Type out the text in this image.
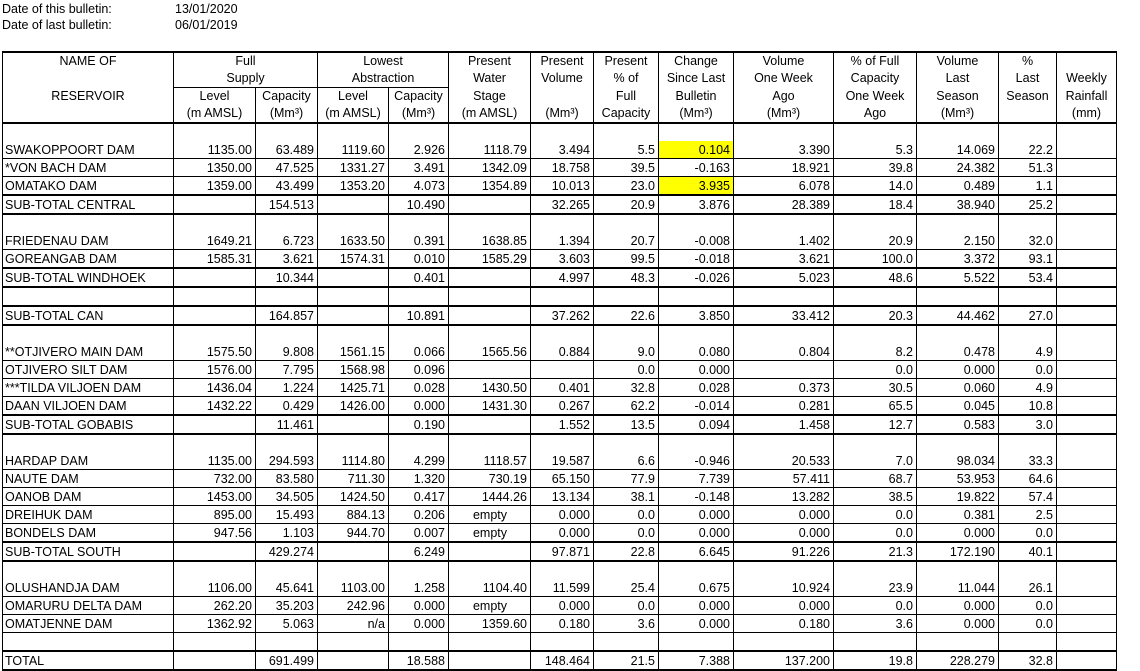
Date of this bulletin:	13/01/2020
Date of last bulletin:	06/01/2019
NAME OF	Full		Lowest		Present	Present	Present	Change	Volume	% of Full	Volume	%	
	Supply		Abstraction		Water	Volume	% of	Since Last	One Week	Capacity	Last	Last	Weekly
RESERVOIR	Level	Capacity	Level	Capacity	Stage		Full	Bulletin	Ago	One Week	Season	Season	Rainfall
	(m AMSL)	(Mm³)	(m AMSL)	(Mm³)	(m AMSL)	(Mm³)	Capacity	(Mm³)	(Mm³)	Ago	(Mm³)		(mm)

SWAKOPPOORT DAM	1135.00	63.489	1119.60	2.926	1118.79	3.494	5.5	0.104	3.390	5.3	14.069	22.2	
*VON BACH DAM	1350.00	47.525	1331.27	3.491	1342.09	18.758	39.5	-0.163	18.921	39.8	24.382	51.3	
OMATAKO DAM	1359.00	43.499	1353.20	4.073	1354.89	10.013	23.0	3.935	6.078	14.0	0.489	1.1	
SUB-TOTAL CENTRAL		154.513		10.490		32.265	20.9	3.876	28.389	18.4	38.940	25.2	

FRIEDENAU DAM	1649.21	6.723	1633.50	0.391	1638.85	1.394	20.7	-0.008	1.402	20.9	2.150	32.0	
GOREANGAB DAM	1585.31	3.621	1574.31	0.010	1585.29	3.603	99.5	-0.018	3.621	100.0	3.372	93.1	
SUB-TOTAL WINDHOEK		10.344		0.401		4.997	48.3	-0.026	5.023	48.6	5.522	53.4	

SUB-TOTAL CAN		164.857		10.891		37.262	22.6	3.850	33.412	20.3	44.462	27.0	

**OTJIVERO MAIN DAM	1575.50	9.808	1561.15	0.066	1565.56	0.884	9.0	0.080	0.804	8.2	0.478	4.9	
OTJIVERO SILT DAM	1576.00	7.795	1568.98	0.096			0.0	0.000		0.0	0.000	0.0	
***TILDA VILJOEN DAM	1436.04	1.224	1425.71	0.028	1430.50	0.401	32.8	0.028	0.373	30.5	0.060	4.9	
DAAN VILJOEN DAM	1432.22	0.429	1426.00	0.000	1431.30	0.267	62.2	-0.014	0.281	65.5	0.045	10.8	
SUB-TOTAL GOBABIS		11.461		0.190		1.552	13.5	0.094	1.458	12.7	0.583	3.0	

HARDAP DAM	1135.00	294.593	1114.80	4.299	1118.57	19.587	6.6	-0.946	20.533	7.0	98.034	33.3	
NAUTE DAM	732.00	83.580	711.30	1.320	730.19	65.150	77.9	7.739	57.411	68.7	53.953	64.6	
OANOB DAM	1453.00	34.505	1424.50	0.417	1444.26	13.134	38.1	-0.148	13.282	38.5	19.822	57.4	
DREIHUK DAM	895.00	15.493	884.13	0.206	empty	0.000	0.0	0.000	0.000	0.0	0.381	2.5	
BONDELS DAM	947.56	1.103	944.70	0.007	empty	0.000	0.0	0.000	0.000	0.0	0.000	0.0	
SUB-TOTAL SOUTH		429.274		6.249		97.871	22.8	6.645	91.226	21.3	172.190	40.1	

OLUSHANDJA DAM	1106.00	45.641	1103.00	1.258	1104.40	11.599	25.4	0.675	10.924	23.9	11.044	26.1	
OMARURU DELTA DAM	262.20	35.203	242.96	0.000	empty	0.000	0.0	0.000	0.000	0.0	0.000	0.0	
OMATJENNE DAM	1362.92	5.063	n/a	0.000	1359.60	0.180	3.6	0.000	0.180	3.6	0.000	0.0	

TOTAL		691.499		18.588		148.464	21.5	7.388	137.200	19.8	228.279	32.8	
